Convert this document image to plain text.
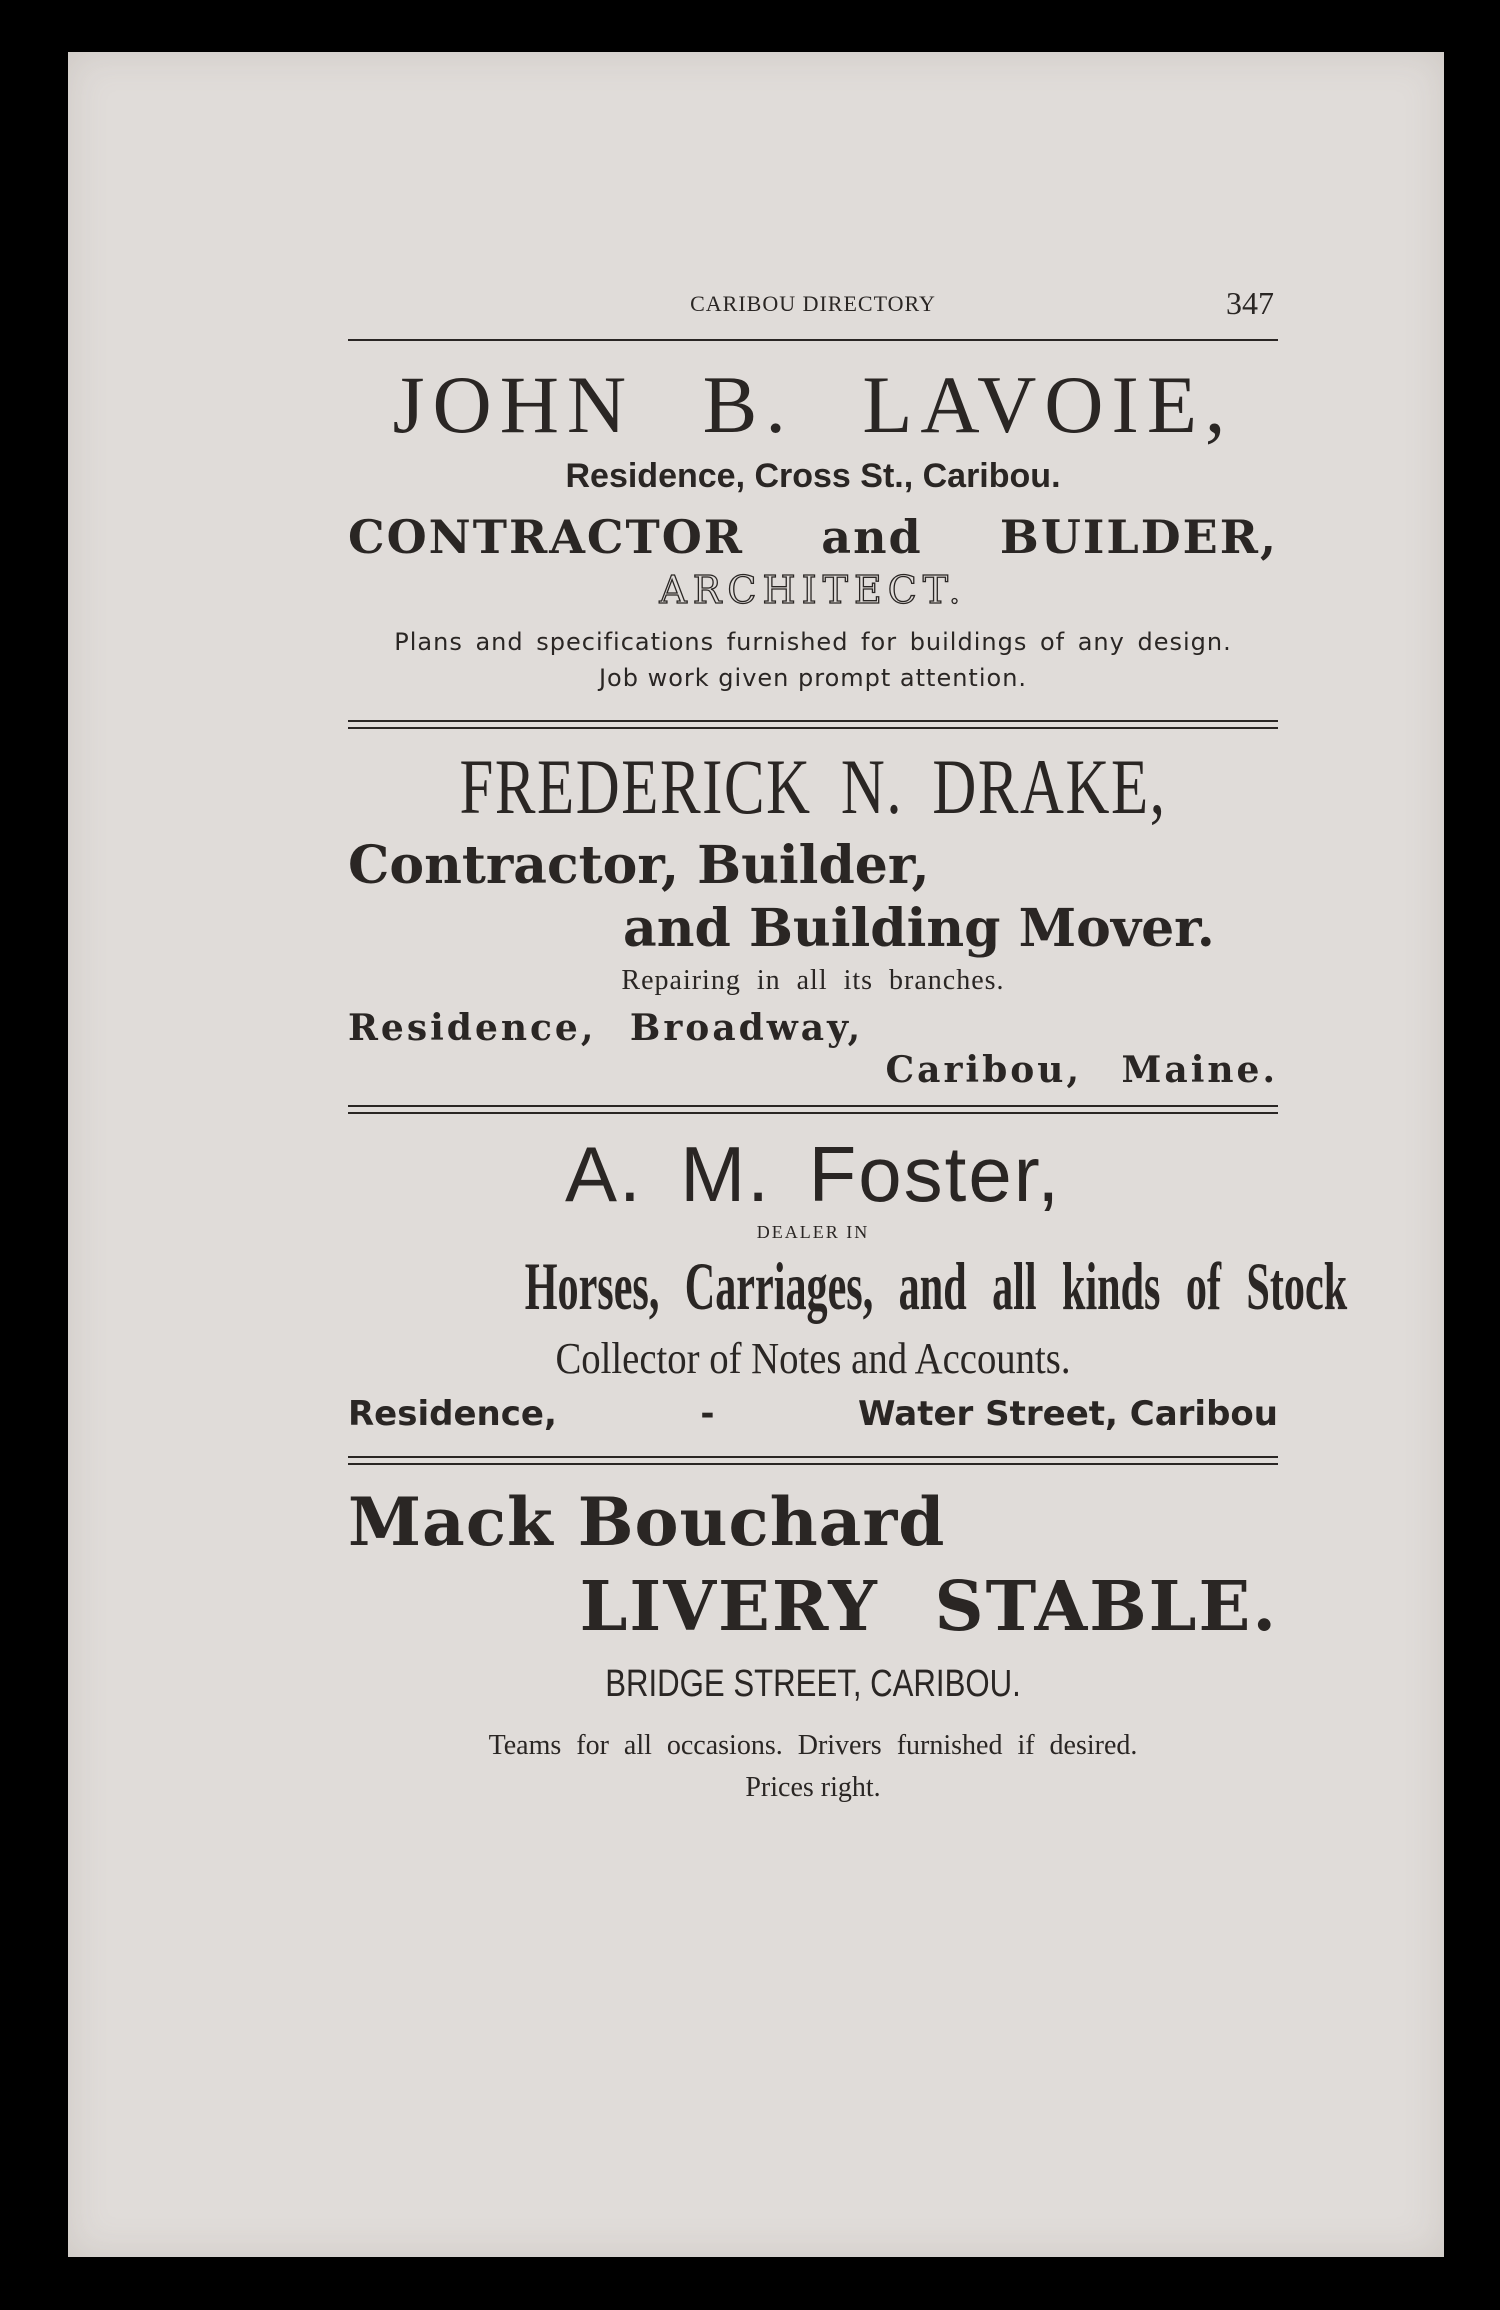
CARIBOU DIRECTORY	347
JOHN B. LAVOIE,
Residence, Cross St., Caribou.
CONTRACTOR and BUILDER,
ARCHITECT.
Plans and specifications furnished for buildings of any design.
Job work given prompt attention.
FREDERICK N. DRAKE,
Contractor, Builder,
and Building Mover.
Repairing in all its branches.
Residence, Broadway,
Caribou, Maine.
A. M. Foster,
DEALER IN
Horses, Carriages, and all kinds of Stock
Collector of Notes and Accounts.
Residence,	-	Water Street, Caribou
Mack Bouchard
LIVERY STABLE.
BRIDGE STREET, CARIBOU.
Teams for all occasions. Drivers furnished if desired.
Prices right.
